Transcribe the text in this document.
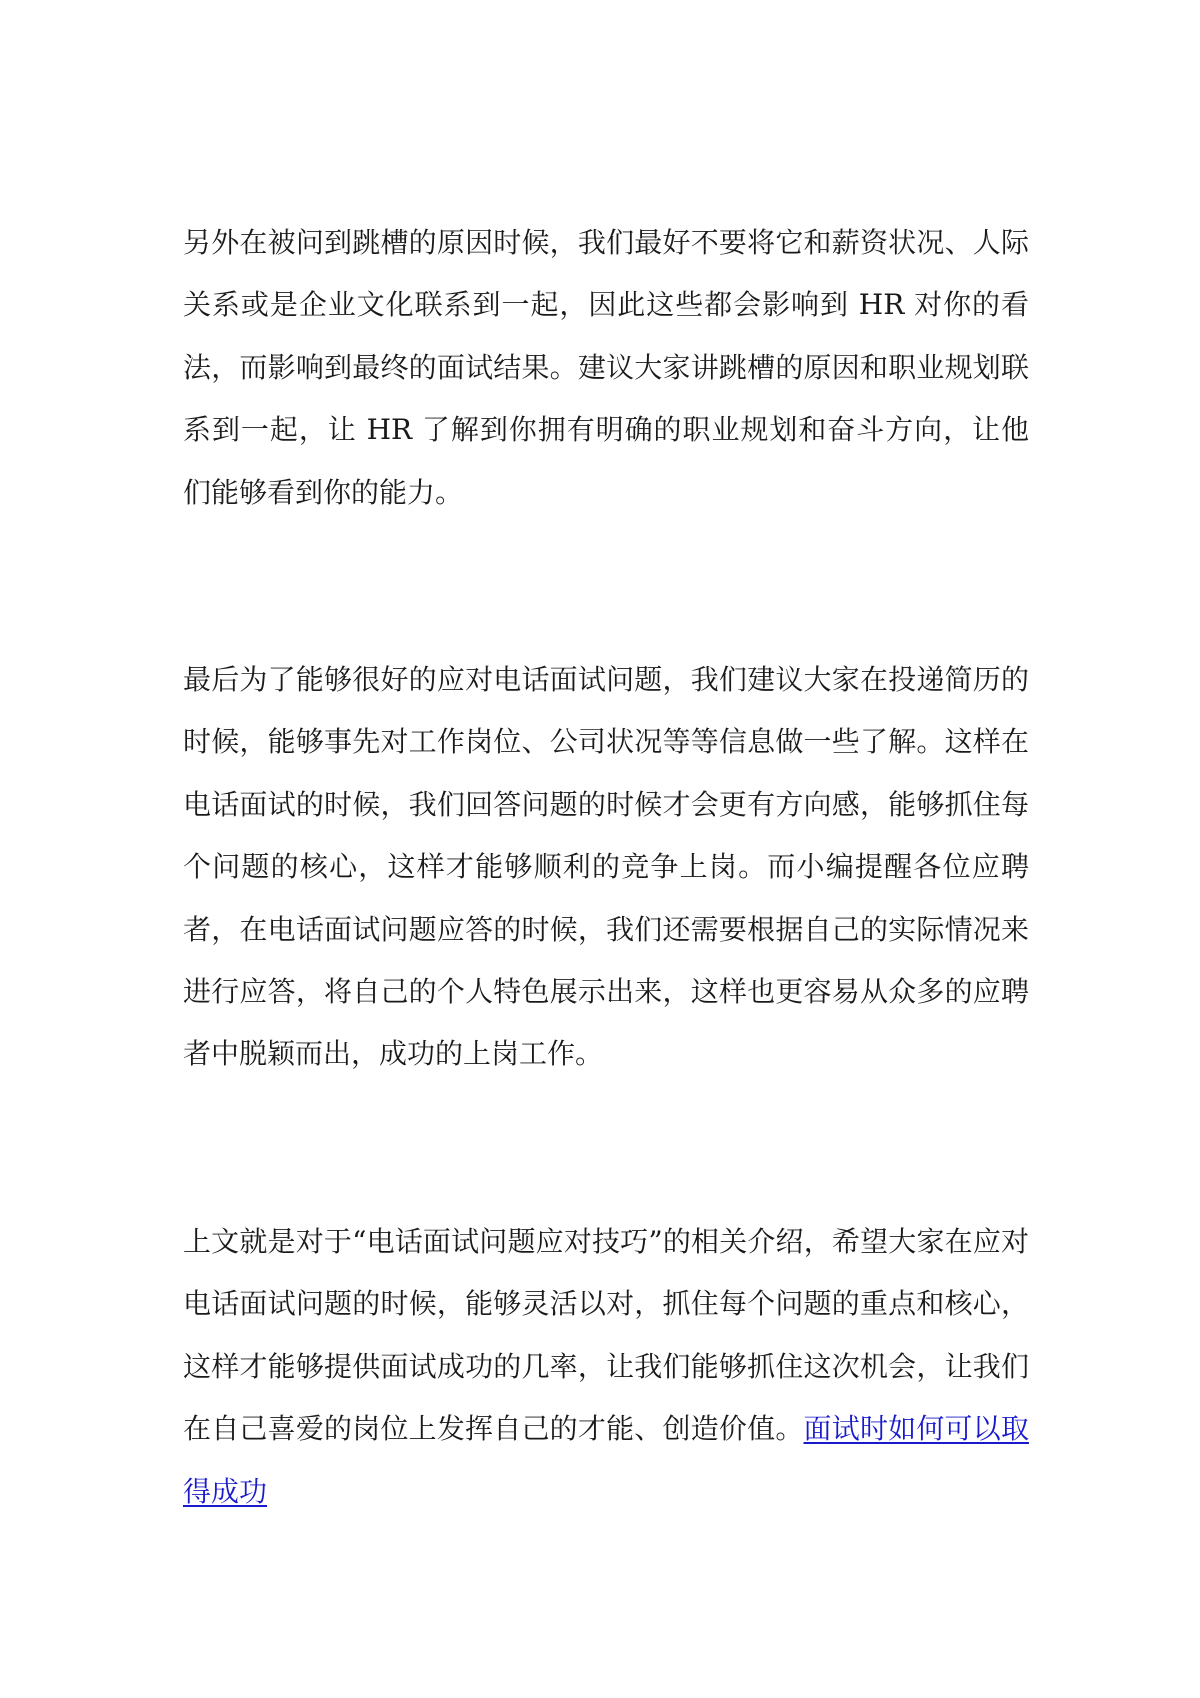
另外在被问到跳槽的原因时候，我们最好不要将它和薪资状况、人际关系或是企业文化联系到一起，因此这些都会影响到 HR 对你的看法，而影响到最终的面试结果。建议大家讲跳槽的原因和职业规划联系到一起，让 HR 了解到你拥有明确的职业规划和奋斗方向，让他们能够看到你的能力。

最后为了能够很好的应对电话面试问题，我们建议大家在投递简历的时候，能够事先对工作岗位、公司状况等等信息做一些了解。这样在电话面试的时候，我们回答问题的时候才会更有方向感，能够抓住每个问题的核心，这样才能够顺利的竞争上岗。而小编提醒各位应聘者，在电话面试问题应答的时候，我们还需要根据自己的实际情况来进行应答，将自己的个人特色展示出来，这样也更容易从众多的应聘者中脱颖而出，成功的上岗工作。

上文就是对于“电话面试问题应对技巧”的相关介绍，希望大家在应对电话面试问题的时候，能够灵活以对，抓住每个问题的重点和核心，这样才能够提供面试成功的几率，让我们能够抓住这次机会，让我们在自己喜爱的岗位上发挥自己的才能、创造价值。面试时如何可以取得成功
